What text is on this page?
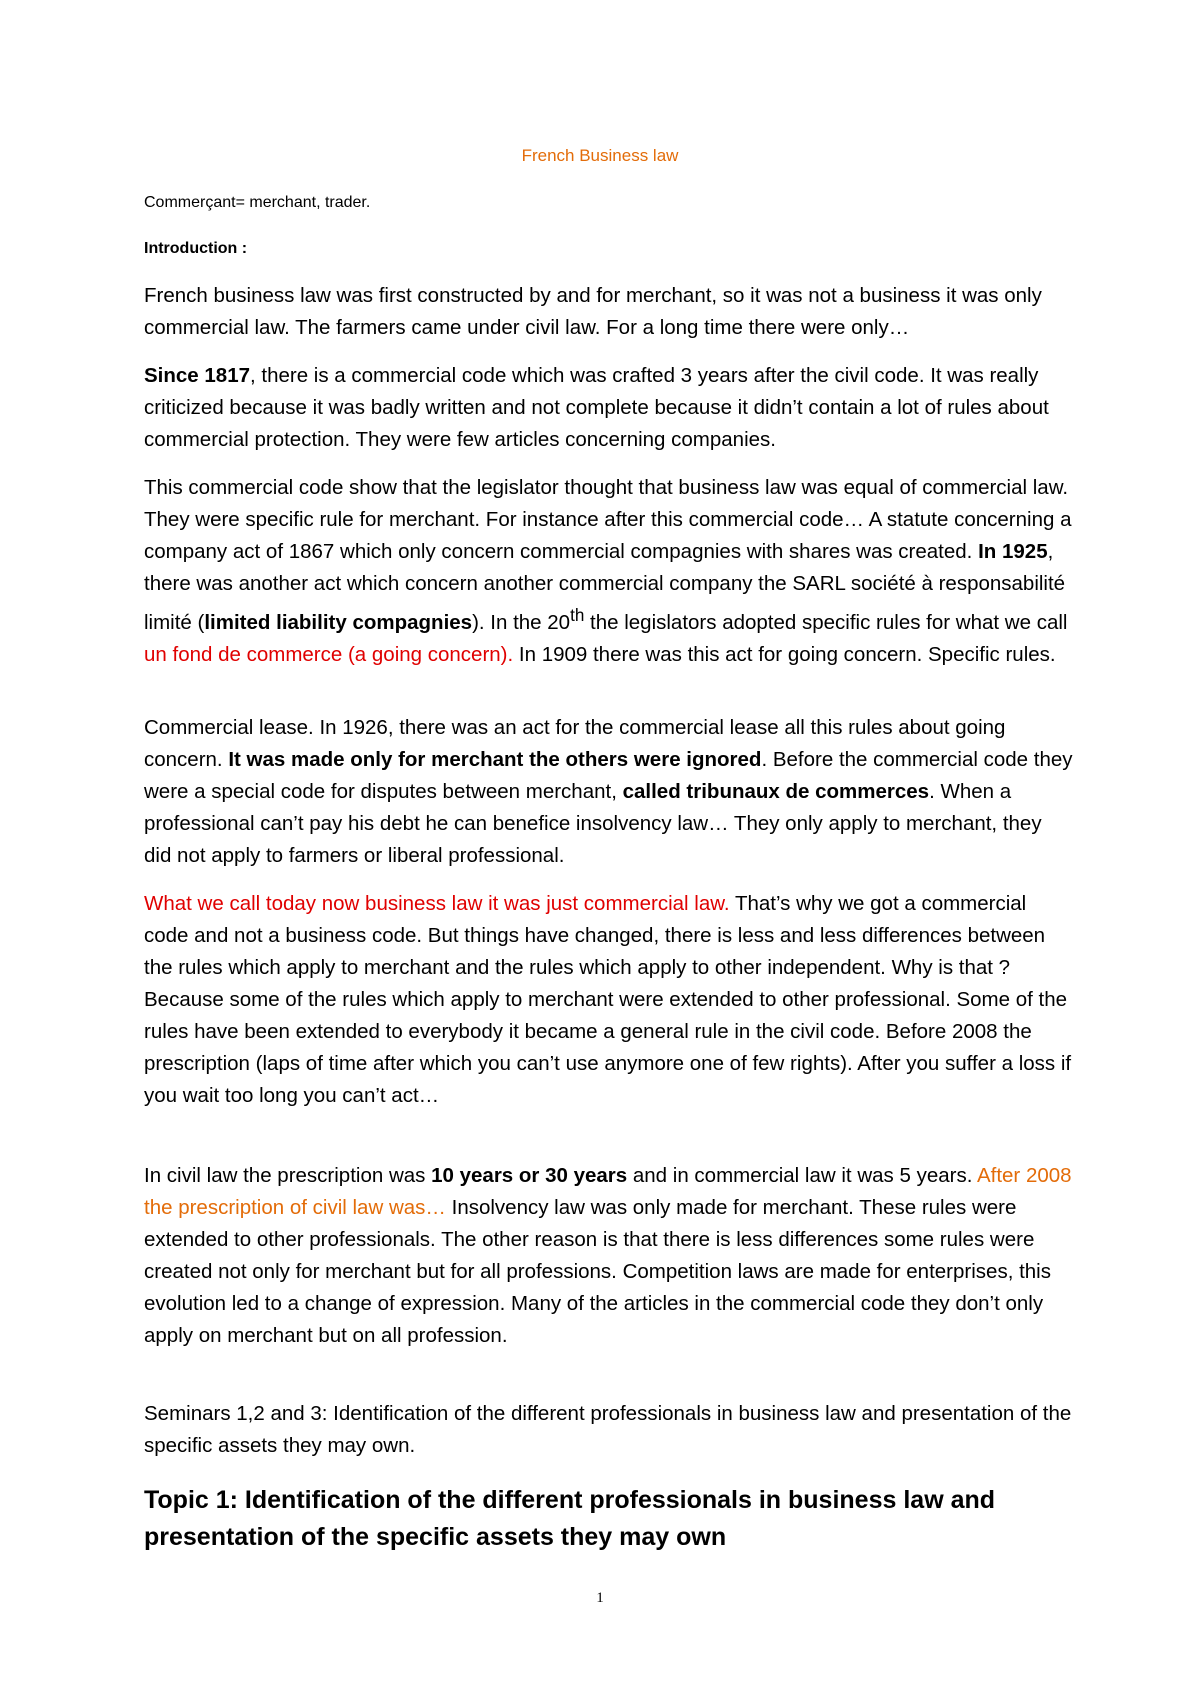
French Business law
Commerçant= merchant, trader.
Introduction :

French business law was first constructed by and for merchant, so it was not a business it was only commercial law. The farmers came under civil law. For a long time there were only…

Since 1817, there is a commercial code which was crafted 3 years after the civil code. It was really criticized because it was badly written and not complete because it didn’t contain a lot of rules about commercial protection. They were few articles concerning companies.

This commercial code show that the legislator thought that business law was equal of commercial law. They were specific rule for merchant. For instance after this commercial code… A statute concerning a company act of 1867 which only concern commercial compagnies with shares was created. In 1925, there was another act which concern another commercial company the SARL société à responsabilité limité (limited liability compagnies). In the 20th the legislators adopted specific rules for what we call un fond de commerce (a going concern). In 1909 there was this act for going concern. Specific rules.

Commercial lease. In 1926, there was an act for the commercial lease all this rules about going concern. It was made only for merchant the others were ignored. Before the commercial code they were a special code for disputes between merchant, called tribunaux de commerces. When a professional can’t pay his debt he can benefice insolvency law… They only apply to merchant, they did not apply to farmers or liberal professional.

What we call today now business law it was just commercial law. That’s why we got a commercial code and not a business code. But things have changed, there is less and less differences between the rules which apply to merchant and the rules which apply to other independent. Why is that ? Because some of the rules which apply to merchant were extended to other professional. Some of the rules have been extended to everybody it became a general rule in the civil code. Before 2008 the prescription (laps of time after which you can’t use anymore one of few rights). After you suffer a loss if you wait too long you can’t act…

In civil law the prescription was 10 years or 30 years and in commercial law it was 5 years. After 2008 the prescription of civil law was… Insolvency law was only made for merchant. These rules were extended to other professionals. The other reason is that there is less differences some rules were created not only for merchant but for all professions. Competition laws are made for enterprises, this evolution led to a change of expression. Many of the articles in the commercial code they don’t only apply on merchant but on all profession.

Seminars 1,2 and 3: Identification of the different professionals in business law and presentation of the specific assets they may own.

Topic 1: Identification of the different professionals in business law and presentation of the specific assets they may own

1
